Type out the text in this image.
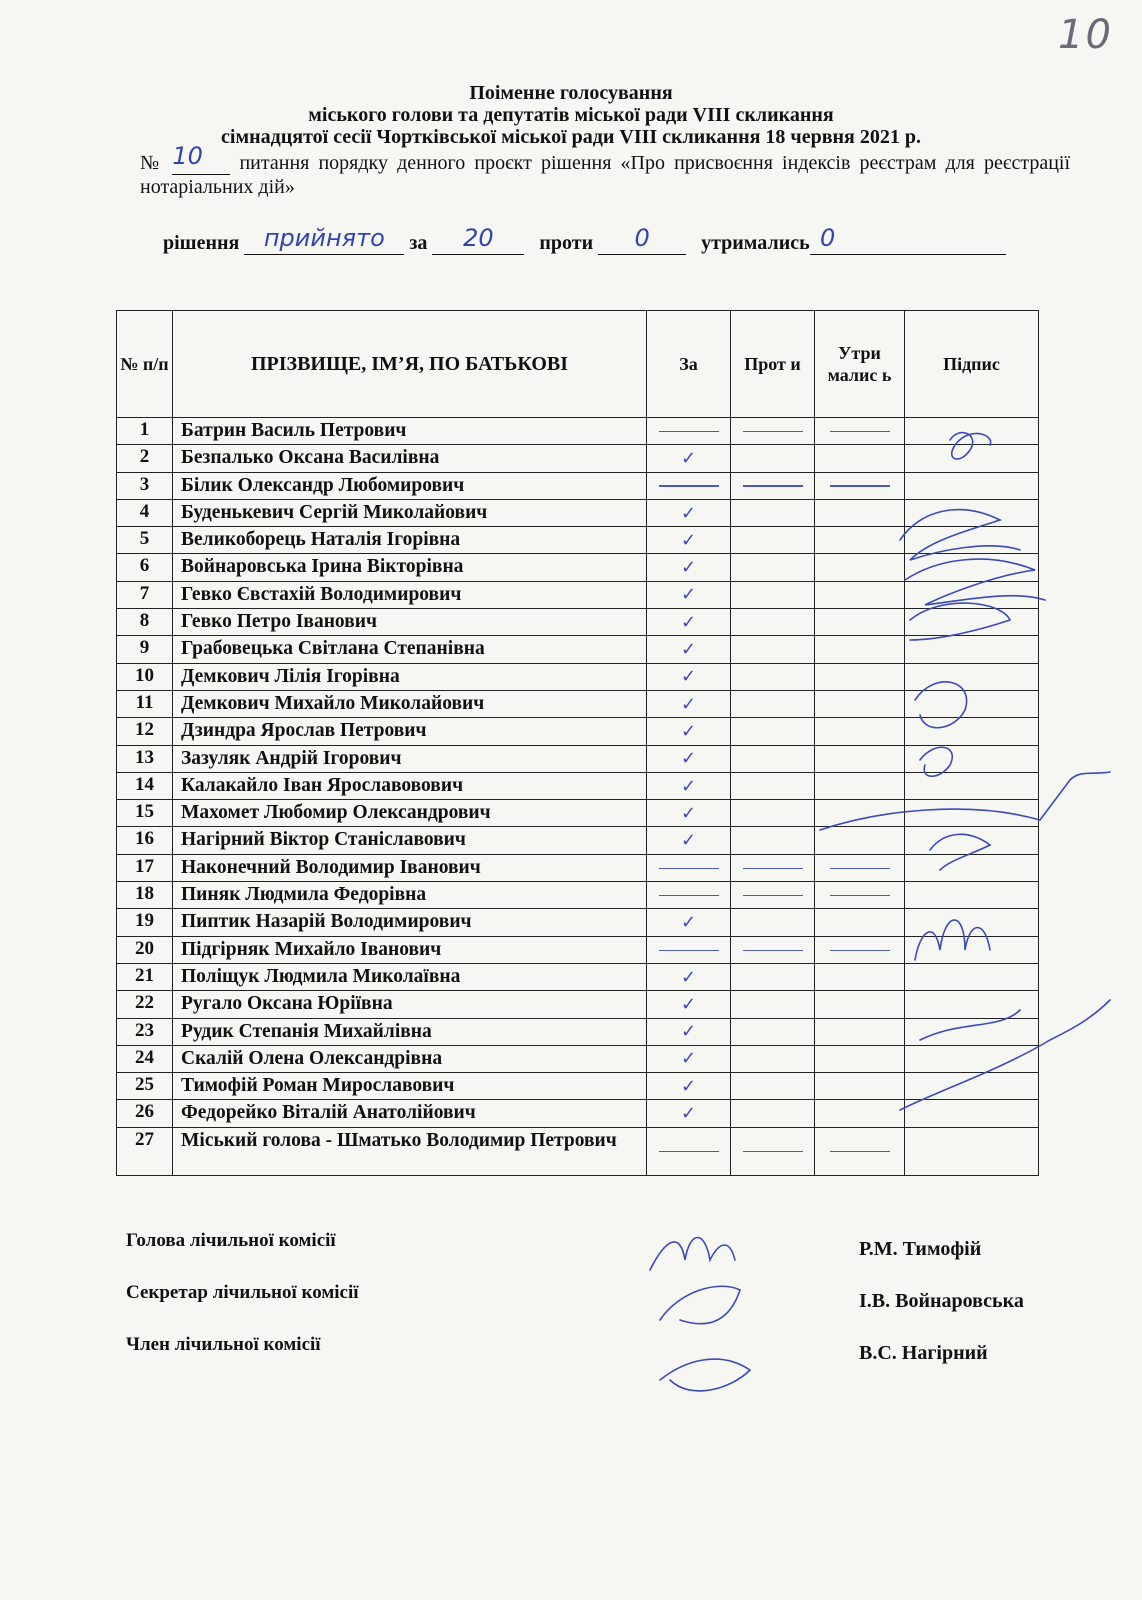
10
Поіменне голосування
міського голови та депутатів міської ради VIII скликання
сімнадцятої сесії Чортківської міської ради VIII скликання 18 червня 2021 р.
№ 10 питання порядку денного проєкт рішення «Про присвоєння індексів реєстрам для реєстрації нотаріальних дій»
рішення прийнято за 20 проти 0	утримались 0
№ п/п	ПРІЗВИЩЕ, ІМ’Я, ПО БАТЬКОВІ	За	Прот и	Утри малис ь	Підпис
1	Батрин Василь Петрович				
2	Безпалько Оксана Василівна	✓			
3	Білик Олександр Любомирович				
4	Буденькевич Сергій Миколайович	✓			
5	Великоборець Наталія Ігорівна	✓			
6	Войнаровська Ірина Вікторівна	✓			
7	Гевко Євстахій Володимирович	✓			
8	Гевко Петро Іванович	✓			
9	Грабовецька Світлана Степанівна	✓			
10	Демкович Лілія Ігорівна	✓			
11	Демкович Михайло Миколайович	✓			
12	Дзиндра Ярослав Петрович	✓			
13	Зазуляк Андрій Ігорович	✓			
14	Калакайло Іван Ярославовович	✓			
15	Махомет Любомир Олександрович	✓			
16	Нагірний Віктор Станіславович	✓			
17	Наконечний Володимир Іванович				
18	Пиняк Людмила Федорівна				
19	Пиптик Назарій Володимирович	✓			
20	Підгірняк Михайло Іванович				
21	Поліщук Людмила Миколаївна	✓			
22	Ругало Оксана Юріївна	✓			
23	Рудик Степанія Михайлівна	✓			
24	Скалій Олена Олександрівна	✓			
25	Тимофій Роман Мирославович	✓			
26	Федорейко Віталій Анатолійович	✓			
27	Міський голова - Шматько Володимир Петрович				
Голова лічильної комісії	Р.М. Тимофій
Секретар лічильної комісії	І.В. Войнаровська
Член лічильної комісії	В.С. Нагірний
